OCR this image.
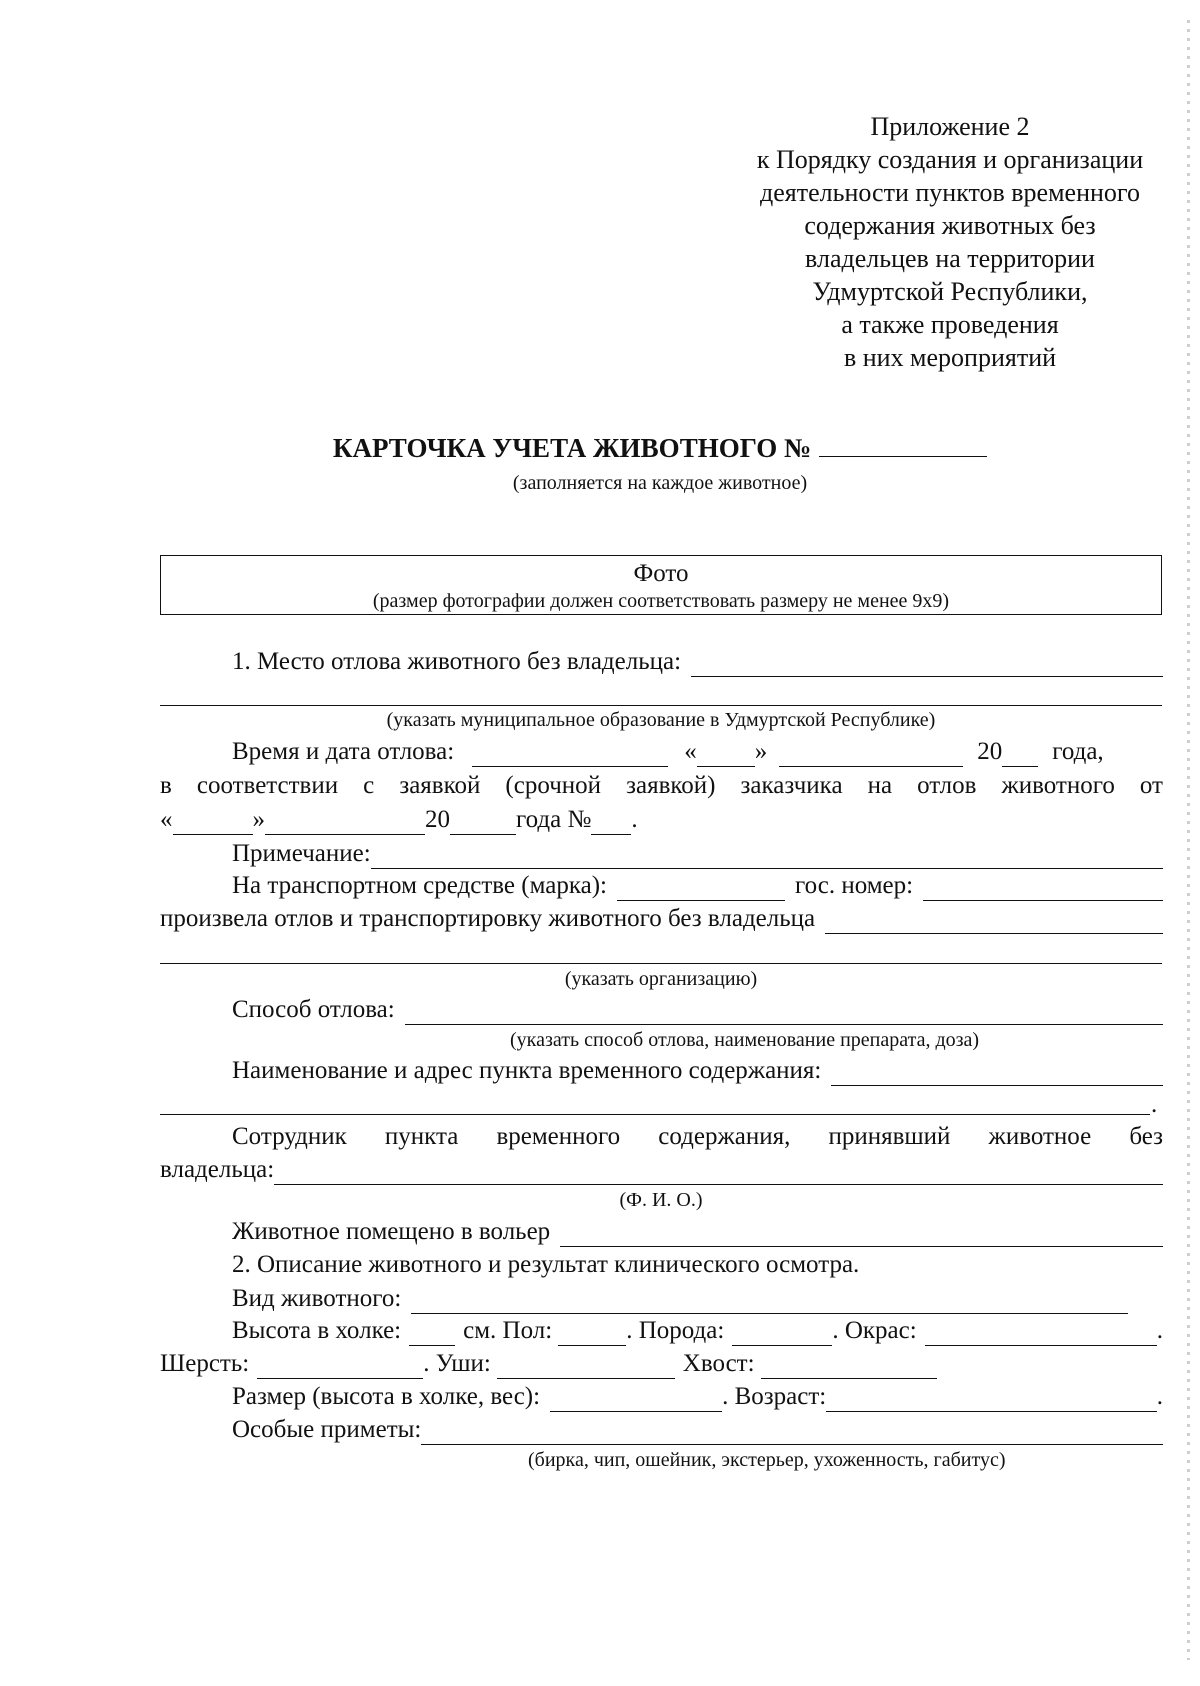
Приложение 2
к Порядку создания и организации
деятельности пунктов временного
содержания животных без
владельцев на территории
Удмуртской Республики,
а также проведения
в них мероприятий
КАРТОЧКА УЧЕТА ЖИВОТНОГО №
(заполняется на каждое животное)
Фото
(размер фотографии должен соответствовать размеру не менее 9х9)
1. Место отлова животного без владельца:
(указать муниципальное образование в Удмуртской Республике)
Время и дата отлова:	« »	20 года,
в соответствии с заявкой (срочной заявкой) заказчика на отлов животного от
«	»	20	года № .
Примечание:
На транспортном средстве (марка):	гос. номер:
произвела отлов и транспортировку животного без владельца
(указать организацию)
Способ отлова:
(указать способ отлова, наименование препарата, доза)
Наименование и адрес пункта временного содержания:
.
Сотрудник пункта временного содержания, принявший животное без
владельца:
(Ф. И. О.)
Животное помещено в вольер
2. Описание животного и результат клинического осмотра.
Вид животного:
Высота в холке: см. Пол:	. Порода:	. Окрас:	.
Шерсть:	. Уши:	Хвост:
Размер (высота в холке, вес):	. Возраст:	.
Особые приметы:
(бирка, чип, ошейник, экстерьер, ухоженность, габитус)
